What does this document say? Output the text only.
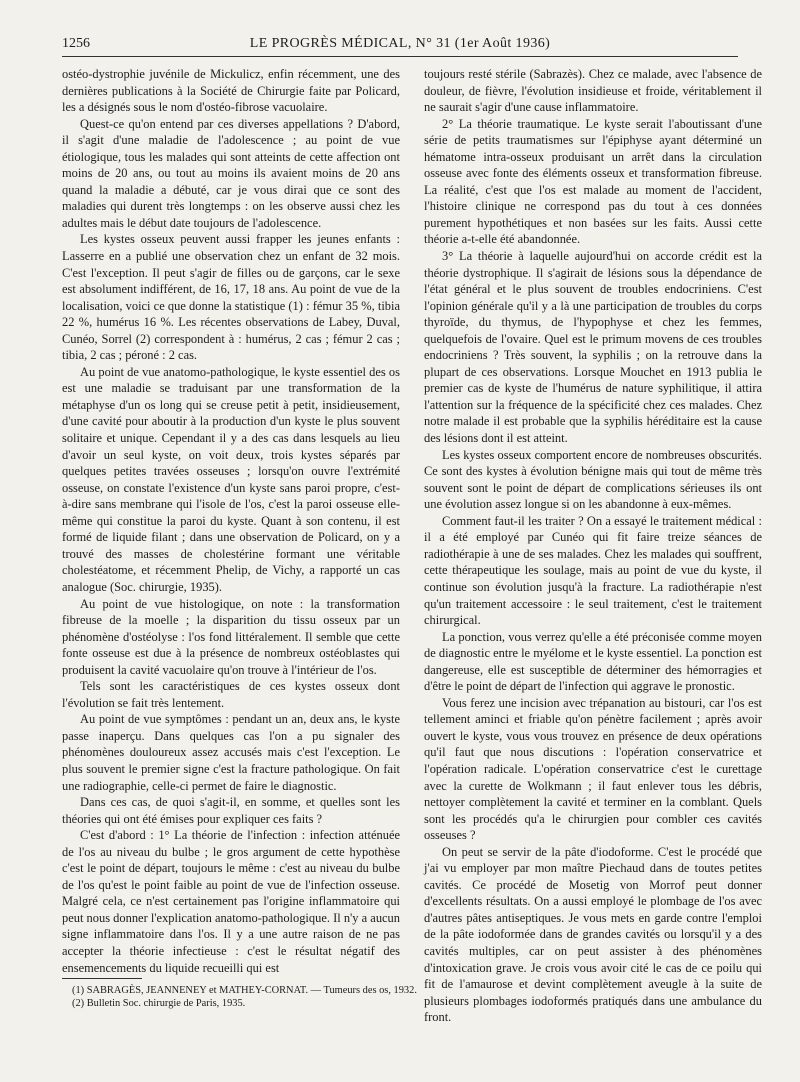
1256	LE PROGRÈS MÉDICAL, N° 31 (1er Août 1936)

ostéo-dystrophie juvénile de Mickulicz, enfin récemment, une des dernières publications à la Société de Chirurgie faite par Policard, les a désignés sous le nom d'ostéo-fibrose vacuolaire.

Quest-ce qu'on entend par ces diverses appellations ? D'abord, il s'agit d'une maladie de l'adolescence ; au point de vue étiologique, tous les malades qui sont atteints de cette affection ont moins de 20 ans, ou tout au moins ils avaient moins de 20 ans quand la maladie a débuté, car je vous dirai que ce sont des maladies qui durent très longtemps : on les observe aussi chez les adultes mais le début date toujours de l'adolescence.

Les kystes osseux peuvent aussi frapper les jeunes enfants : Lasserre en a publié une observation chez un enfant de 32 mois. C'est l'exception. Il peut s'agir de filles ou de garçons, car le sexe est absolument indifférent, de 16, 17, 18 ans. Au point de vue de la localisation, voici ce que donne la statistique (1) : fémur 35 %, tibia 22 %, humérus 16 %. Les récentes observations de Labey, Duval, Cunéo, Sorrel (2) correspondent à : humérus, 2 cas ; fémur 2 cas ; tibia, 2 cas ; péroné : 2 cas.

Au point de vue anatomo-pathologique, le kyste essentiel des os est une maladie se traduisant par une transformation de la métaphyse d'un os long qui se creuse petit à petit, insidieusement, d'une cavité pour aboutir à la production d'un kyste le plus souvent solitaire et unique. Cependant il y a des cas dans lesquels au lieu d'avoir un seul kyste, on voit deux, trois kystes séparés par quelques petites travées osseuses ; lorsqu'on ouvre l'extrémité osseuse, on constate l'existence d'un kyste sans paroi propre, c'est-à-dire sans membrane qui l'isole de l'os, c'est la paroi osseuse elle-même qui constitue la paroi du kyste. Quant à son contenu, il est formé de liquide filant ; dans une observation de Policard, on y a trouvé des masses de cholestérine formant une véritable cholestéatome, et récemment Phelip, de Vichy, a rapporté un cas analogue (Soc. chirurgie, 1935).

Au point de vue histologique, on note : la transformation fibreuse de la moelle ; la disparition du tissu osseux par un phénomène d'ostéolyse : l'os fond littéralement. Il semble que cette fonte osseuse est due à la présence de nombreux ostéoblastes qui produisent la cavité vacuolaire qu'on trouve à l'intérieur de l'os.

Tels sont les caractéristiques de ces kystes osseux dont l'évolution se fait très lentement.

Au point de vue symptômes : pendant un an, deux ans, le kyste passe inaperçu. Dans quelques cas l'on a pu signaler des phénomènes douloureux assez accusés mais c'est l'exception. Le plus souvent le premier signe c'est la fracture pathologique. On fait une radiographie, celle-ci permet de faire le diagnostic.

Dans ces cas, de quoi s'agit-il, en somme, et quelles sont les théories qui ont été émises pour expliquer ces faits ?

C'est d'abord : 1° La théorie de l'infection : infection atténuée de l'os au niveau du bulbe ; le gros argument de cette hypothèse c'est le point de départ, toujours le même : c'est au niveau du bulbe de l'os qu'est le point faible au point de vue de l'infection osseuse. Malgré cela, ce n'est certainement pas l'origine inflammatoire qui peut nous donner l'explication anatomo-pathologique. Il n'y a aucun signe inflammatoire dans l'os. Il y a une autre raison de ne pas accepter la théorie infectieuse : c'est le résultat négatif des ensemencements du liquide recueilli qui est

toujours resté stérile (Sabrazès). Chez ce malade, avec l'absence de douleur, de fièvre, l'évolution insidieuse et froide, véritablement il ne saurait s'agir d'une cause inflammatoire.

2° La théorie traumatique. Le kyste serait l'aboutissant d'une série de petits traumatismes sur l'épiphyse ayant déterminé un hématome intra-osseux produisant un arrêt dans la circulation osseuse avec fonte des éléments osseux et transformation fibreuse. La réalité, c'est que l'os est malade au moment de l'accident, l'histoire clinique ne correspond pas du tout à ces données purement hypothétiques et non basées sur les faits. Aussi cette théorie a-t-elle été abandonnée.

3° La théorie à laquelle aujourd'hui on accorde crédit est la théorie dystrophique. Il s'agirait de lésions sous la dépendance de l'état général et le plus souvent de troubles endocriniens. C'est l'opinion générale qu'il y a là une participation de troubles du corps thyroïde, du thymus, de l'hypophyse et chez les femmes, quelquefois de l'ovaire. Quel est le primum movens de ces troubles endocriniens ? Très souvent, la syphilis ; on la retrouve dans la plupart de ces observations. Lorsque Mouchet en 1913 publia le premier cas de kyste de l'humérus de nature syphilitique, il attira l'attention sur la fréquence de la spécificité chez ces malades. Chez notre malade il est probable que la syphilis héréditaire est la cause des lésions dont il est atteint.

Les kystes osseux comportent encore de nombreuses obscurités. Ce sont des kystes à évolution bénigne mais qui tout de même très souvent sont le point de départ de complications sérieuses ils ont une évolution assez longue si on les abandonne à eux-mêmes.

Comment faut-il les traiter ? On a essayé le traitement médical : il a été employé par Cunéo qui fit faire treize séances de radiothérapie à une de ses malades. Chez les malades qui souffrent, cette thérapeutique les soulage, mais au point de vue du kyste, il continue son évolution jusqu'à la fracture. La radiothérapie n'est qu'un traitement accessoire : le seul traitement, c'est le traitement chirurgical.

La ponction, vous verrez qu'elle a été préconisée comme moyen de diagnostic entre le myélome et le kyste essentiel. La ponction est dangereuse, elle est susceptible de déterminer des hémorragies et d'être le point de départ de l'infection qui aggrave le pronostic.

Vous ferez une incision avec trépanation au bistouri, car l'os est tellement aminci et friable qu'on pénètre facilement ; après avoir ouvert le kyste, vous vous trouvez en présence de deux opérations qu'il faut que nous discutions : l'opération conservatrice et l'opération radicale. L'opération conservatrice c'est le curettage avec la curette de Wolkmann ; il faut enlever tous les débris, nettoyer complètement la cavité et terminer en la comblant. Quels sont les procédés qu'a le chirurgien pour combler ces cavités osseuses ?

On peut se servir de la pâte d'iodoforme. C'est le procédé que j'ai vu employer par mon maître Piechaud dans de toutes petites cavités. Ce procédé de Mosetig von Morrof peut donner d'excellents résultats. On a aussi employé le plombage de l'os avec d'autres pâtes antiseptiques. Je vous mets en garde contre l'emploi de la pâte iodoformée dans de grandes cavités ou lorsqu'il y a des cavités multiples, car on peut assister à des phénomènes d'intoxication grave. Je crois vous avoir cité le cas de ce poilu qui fit de l'amaurose et devint complètement aveugle à la suite de plusieurs plombages iodoformés pratiqués dans une ambulance du front.

(1) SABRAGÈS, JEANNENEY et MATHEY-CORNAT. — Tumeurs des os, 1932.

(2) Bulletin Soc. chirurgie de Paris, 1935.
